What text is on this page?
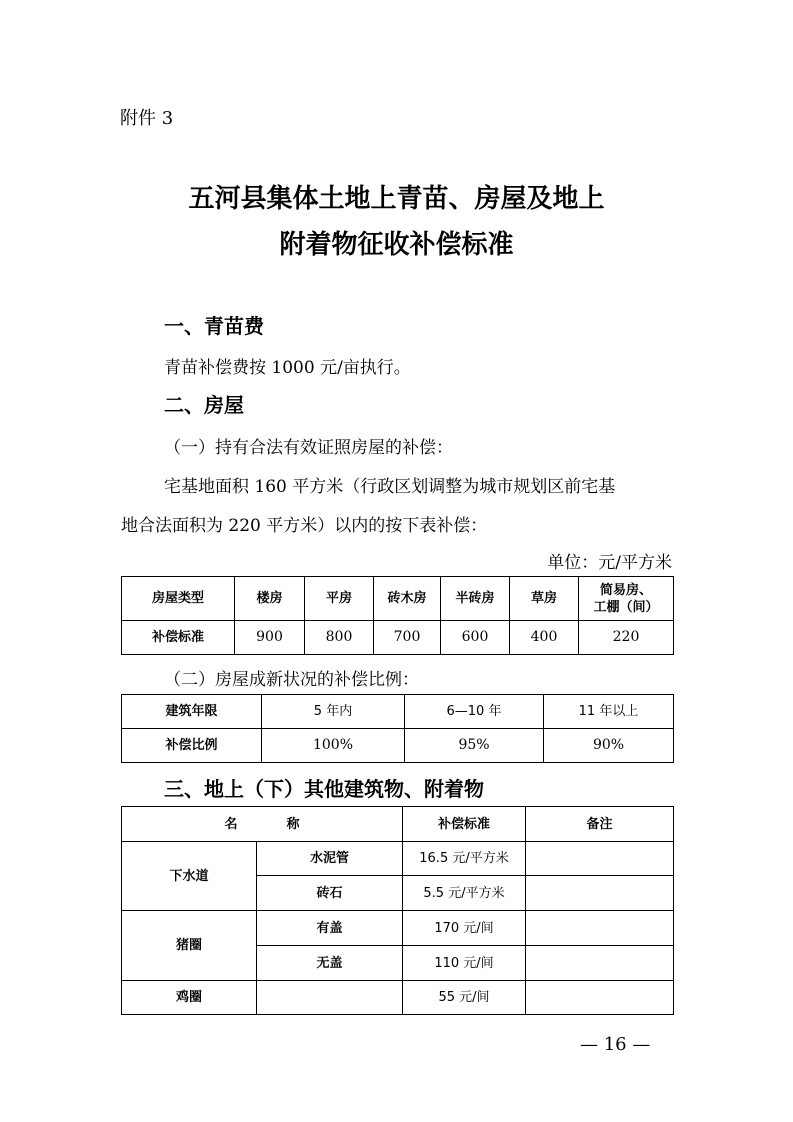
附件 3
五河县集体土地上青苗、房屋及地上
附着物征收补偿标准
一、青苗费
青苗补偿费按 1000 元/亩执行。
二、房屋
（一）持有合法有效证照房屋的补偿：
宅基地面积 160 平方米（行政区划调整为城市规划区前宅基
地合法面积为 220 平方米）以内的按下表补偿：
单位：元/平方米
房屋类型	楼房	平房	砖木房	半砖房	草房	简易房、
工棚（间）

补偿标准	900	800	700	600	400	220
（二）房屋成新状况的补偿比例：
建筑年限	5 年内	6—10 年	11 年以上
补偿比例	100%	95%	90%
三、地上（下）其他建筑物、附着物
名 称		补偿标准	备注
下水道	水泥管	16.5 元/平方米	
	砖石	5.5 元/平方米	
猪圈	有盖	170 元/间	
	无盖	110 元/间	
鸡圈		55 元/间	
— 16 —
